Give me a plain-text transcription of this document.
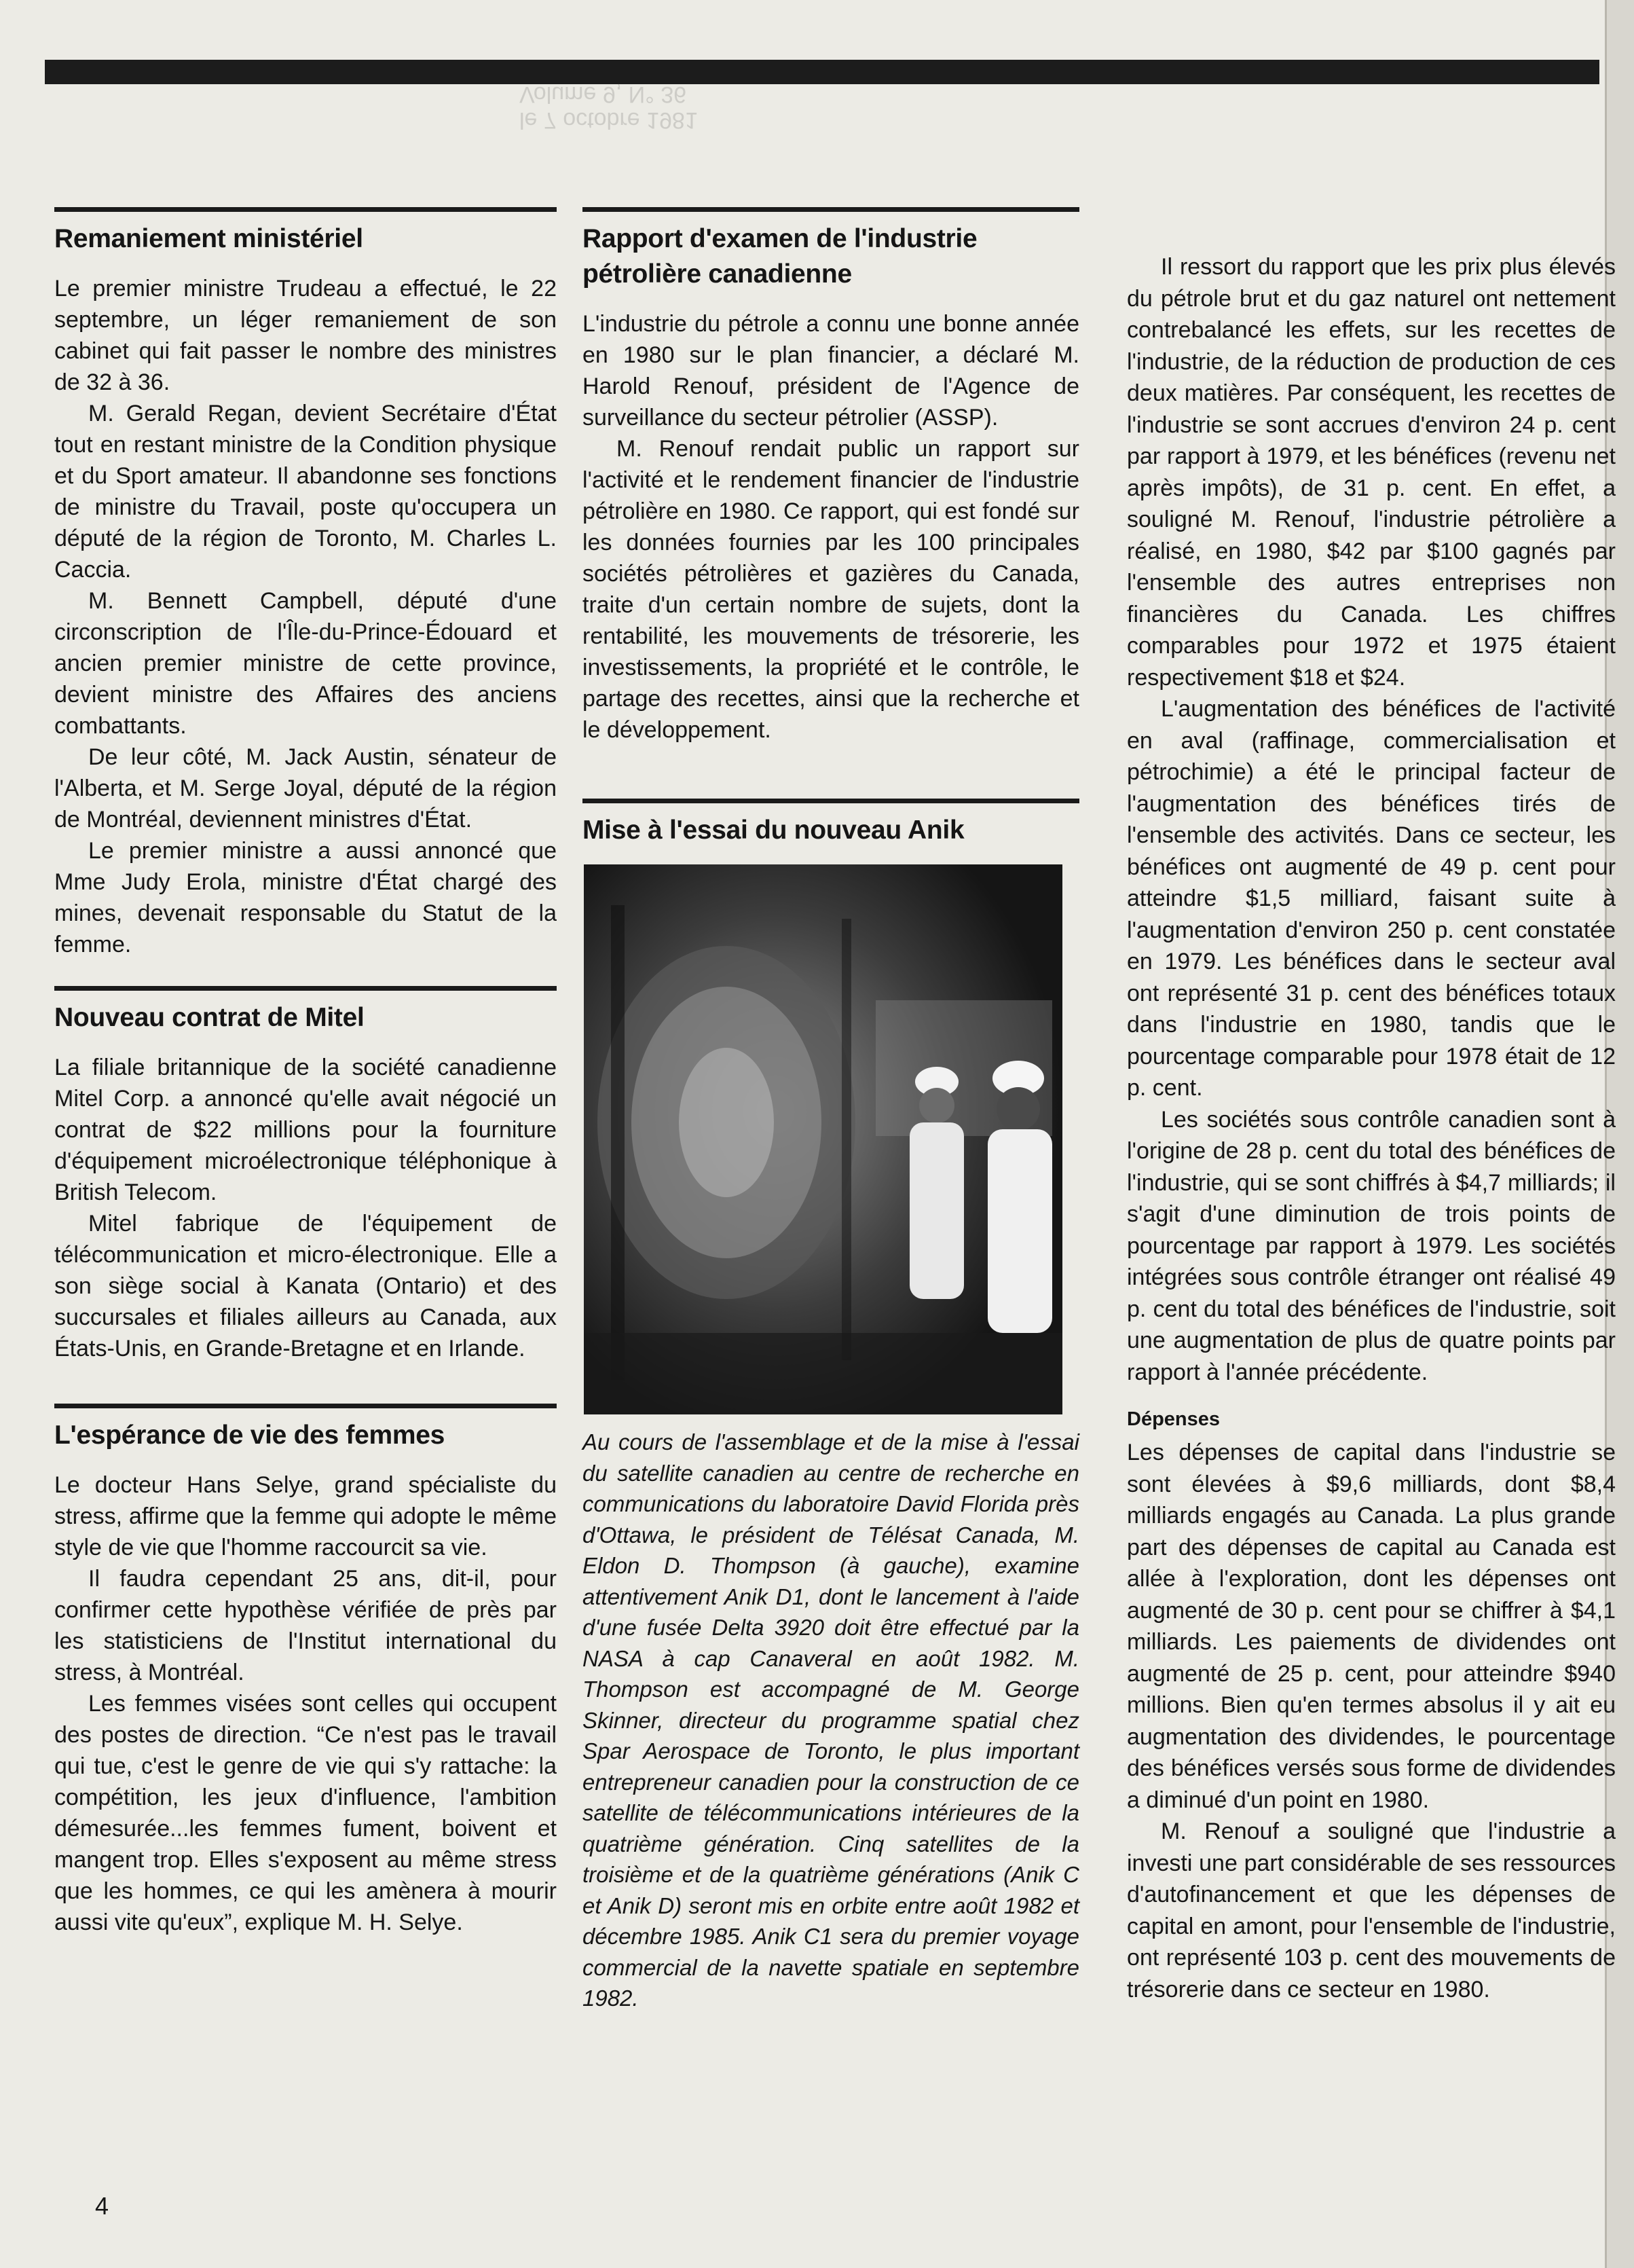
Volume 9, N° 36
le 7 octobre 1981
Remaniement ministériel

Le premier ministre Trudeau a effectué, le 22 septembre, un léger remaniement de son cabinet qui fait passer le nombre des ministres de 32 à 36.

M. Gerald Regan, devient Secrétaire d'État tout en restant ministre de la Condition physique et du Sport amateur. Il abandonne ses fonctions de ministre du Travail, poste qu'occupera un député de la région de Toronto, M. Charles L. Caccia.

M. Bennett Campbell, député d'une circonscription de l'Île-du-Prince-Édouard et ancien premier ministre de cette province, devient ministre des Affaires des anciens combattants.

De leur côté, M. Jack Austin, sénateur de l'Alberta, et M. Serge Joyal, député de la région de Montréal, deviennent ministres d'État.

Le premier ministre a aussi annoncé que Mme Judy Erola, ministre d'État chargé des mines, devenait responsable du Statut de la femme.

Nouveau contrat de Mitel

La filiale britannique de la société canadienne Mitel Corp. a annoncé qu'elle avait négocié un contrat de $22 millions pour la fourniture d'équipement microélectronique téléphonique à British Telecom.

Mitel fabrique de l'équipement de télécommunication et micro-électronique. Elle a son siège social à Kanata (Ontario) et des succursales et filiales ailleurs au Canada, aux États-Unis, en Grande-Bretagne et en Irlande.

L'espérance de vie des femmes

Le docteur Hans Selye, grand spécialiste du stress, affirme que la femme qui adopte le même style de vie que l'homme raccourcit sa vie.

Il faudra cependant 25 ans, dit-il, pour confirmer cette hypothèse vérifiée de près par les statisticiens de l'Institut international du stress, à Montréal.

Les femmes visées sont celles qui occupent des postes de direction. “Ce n'est pas le travail qui tue, c'est le genre de vie qui s'y rattache: la compétition, les jeux d'influence, l'ambition démesurée...les femmes fument, boivent et mangent trop. Elles s'exposent au même stress que les hommes, ce qui les amènera à mourir aussi vite qu'eux”, explique M. H. Selye.

Rapport d'examen de l'industrie pétrolière canadienne

L'industrie du pétrole a connu une bonne année en 1980 sur le plan financier, a déclaré M. Harold Renouf, président de l'Agence de surveillance du secteur pétrolier (ASSP).

M. Renouf rendait public un rapport sur l'activité et le rendement financier de l'industrie pétrolière en 1980. Ce rapport, qui est fondé sur les données fournies par les 100 principales sociétés pétrolières et gazières du Canada, traite d'un certain nombre de sujets, dont la rentabilité, les mouvements de trésorerie, les investissements, la propriété et le contrôle, le partage des recettes, ainsi que la recherche et le développement.

Mise à l'essai du nouveau Anik

Au cours de l'assemblage et de la mise à l'essai du satellite canadien au centre de recherche en communications du laboratoire David Florida près d'Ottawa, le président de Télésat Canada, M. Eldon D. Thompson (à gauche), examine attentivement Anik D1, dont le lancement à l'aide d'une fusée Delta 3920 doit être effectué par la NASA à cap Canaveral en août 1982. M. Thompson est accompagné de M. George Skinner, directeur du programme spatial chez Spar Aerospace de Toronto, le plus important entrepreneur canadien pour la construction de ce satellite de télécommunications intérieures de la quatrième génération. Cinq satellites de la troisième et de la quatrième générations (Anik C et Anik D) seront mis en orbite entre août 1982 et décembre 1985. Anik C1 sera du premier voyage commercial de la navette spatiale en septembre 1982.

Il ressort du rapport que les prix plus élevés du pétrole brut et du gaz naturel ont nettement contrebalancé les effets, sur les recettes de l'industrie, de la réduction de production de ces deux matières. Par conséquent, les recettes de l'industrie se sont accrues d'environ 24 p. cent par rapport à 1979, et les bénéfices (revenu net après impôts), de 31 p. cent. En effet, a souligné M. Renouf, l'industrie pétrolière a réalisé, en 1980, $42 par $100 gagnés par l'ensemble des autres entreprises non financières du Canada. Les chiffres comparables pour 1972 et 1975 étaient respectivement $18 et $24.

L'augmentation des bénéfices de l'activité en aval (raffinage, commercialisation et pétrochimie) a été le principal facteur de l'augmentation des bénéfices tirés de l'ensemble des activités. Dans ce secteur, les bénéfices ont augmenté de 49 p. cent pour atteindre $1,5 milliard, faisant suite à l'augmentation d'environ 250 p. cent constatée en 1979. Les bénéfices dans le secteur aval ont représenté 31 p. cent des bénéfices totaux dans l'industrie en 1980, tandis que le pourcentage comparable pour 1978 était de 12 p. cent.

Les sociétés sous contrôle canadien sont à l'origine de 28 p. cent du total des bénéfices de l'industrie, qui se sont chiffrés à $4,7 milliards; il s'agit d'une diminution de trois points de pourcentage par rapport à 1979. Les sociétés intégrées sous contrôle étranger ont réalisé 49 p. cent du total des bénéfices de l'industrie, soit une augmentation de plus de quatre points par rapport à l'année précédente.

Dépenses

Les dépenses de capital dans l'industrie se sont élevées à $9,6 milliards, dont $8,4 milliards engagés au Canada. La plus grande part des dépenses de capital au Canada est allée à l'exploration, dont les dépenses ont augmenté de 30 p. cent pour se chiffrer à $4,1 milliards. Les paiements de dividendes ont augmenté de 25 p. cent, pour atteindre $940 millions. Bien qu'en termes absolus il y ait eu augmentation des dividendes, le pourcentage des bénéfices versés sous forme de dividendes a diminué d'un point en 1980.

M. Renouf a souligné que l'industrie a investi une part considérable de ses ressources d'autofinancement et que les dépenses de capital en amont, pour l'ensemble de l'industrie, ont représenté 103 p. cent des mouvements de trésorerie dans ce secteur en 1980.

4
